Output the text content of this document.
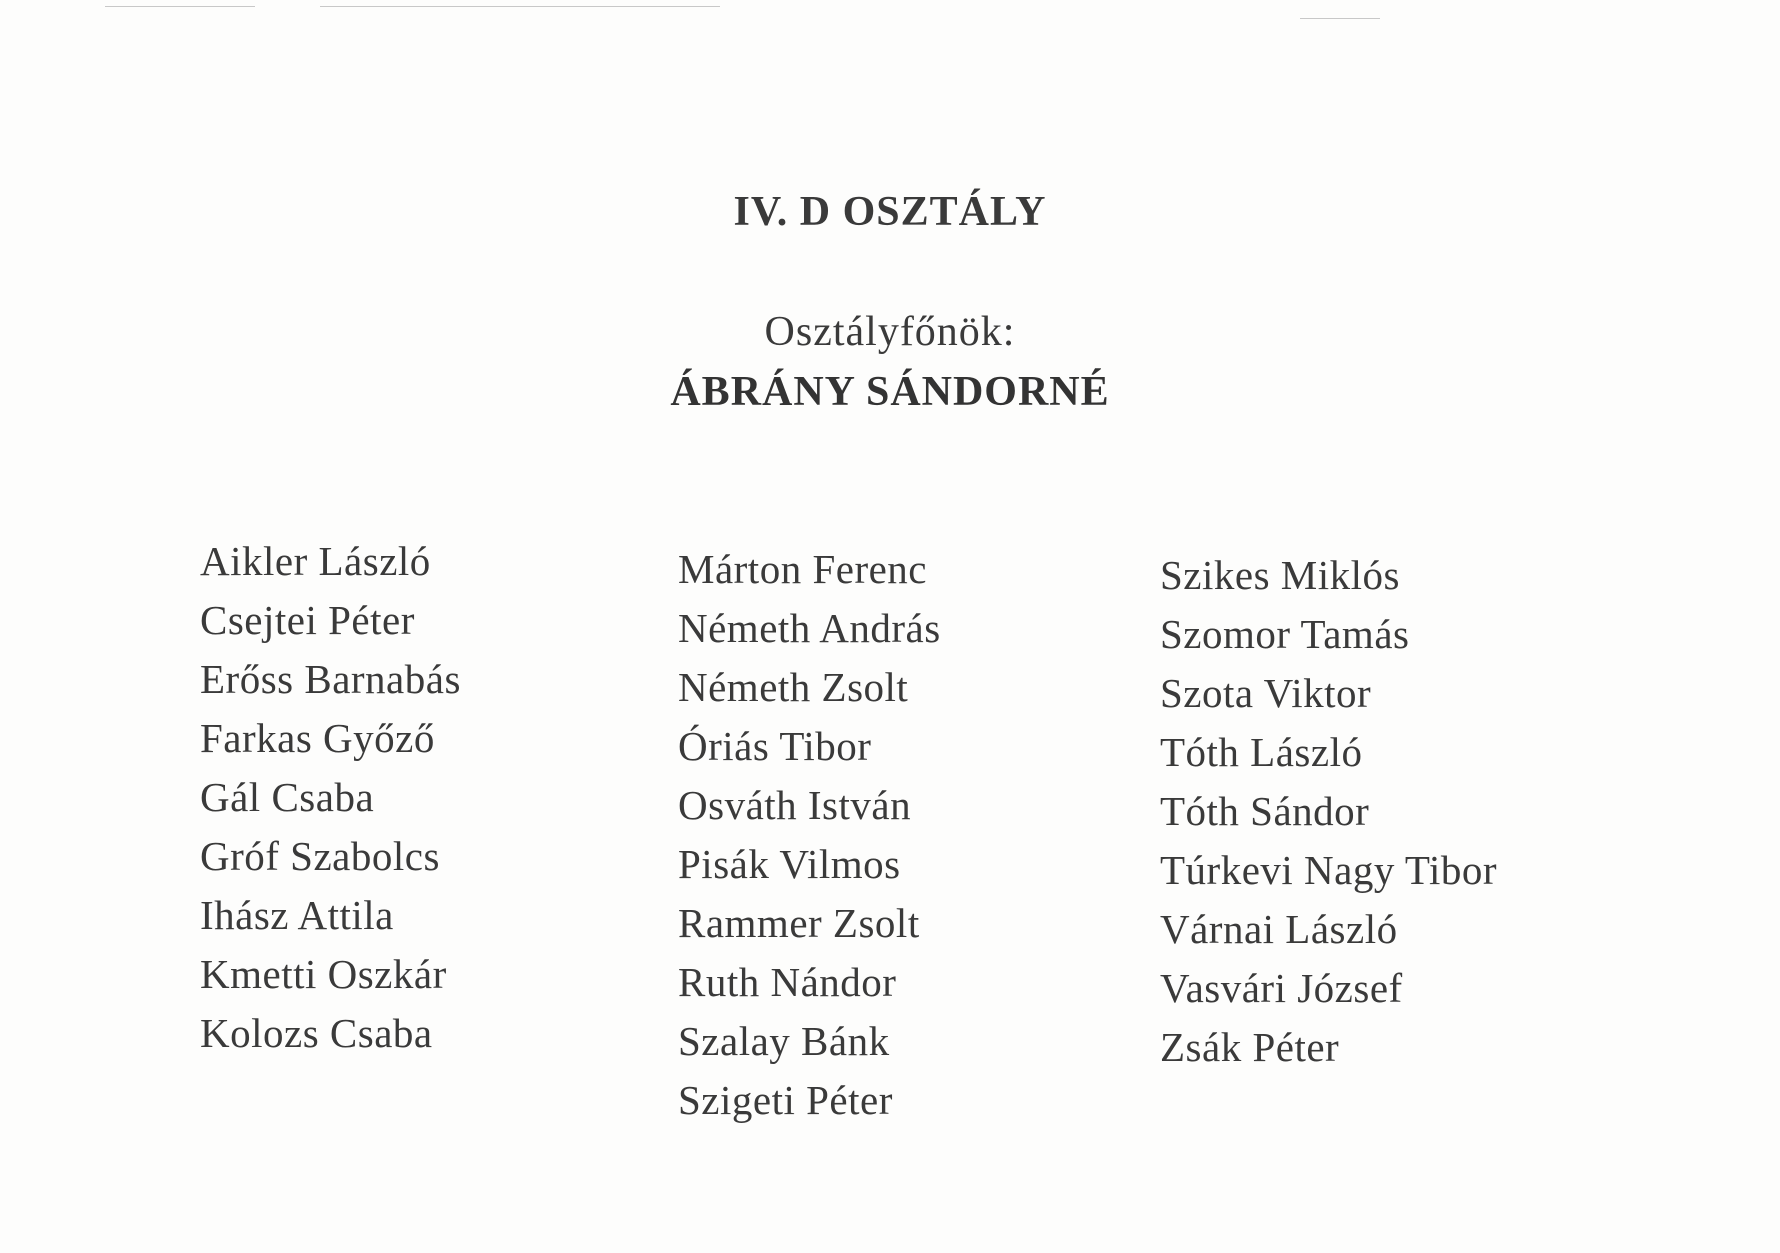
IV. D OSZTÁLY
Osztályfőnök:
ÁBRÁNY SÁNDORNÉ
Aikler László
Csejtei Péter
Erőss Barnabás
Farkas Győző
Gál Csaba
Gróf Szabolcs
Ihász Attila
Kmetti Oszkár
Kolozs Csaba
Márton Ferenc
Németh András
Németh Zsolt
Óriás Tibor
Osváth István
Pisák Vilmos
Rammer Zsolt
Ruth Nándor
Szalay Bánk
Szigeti Péter
Szikes Miklós
Szomor Tamás
Szota Viktor
Tóth László
Tóth Sándor
Túrkevi Nagy Tibor
Várnai László
Vasvári József
Zsák Péter
